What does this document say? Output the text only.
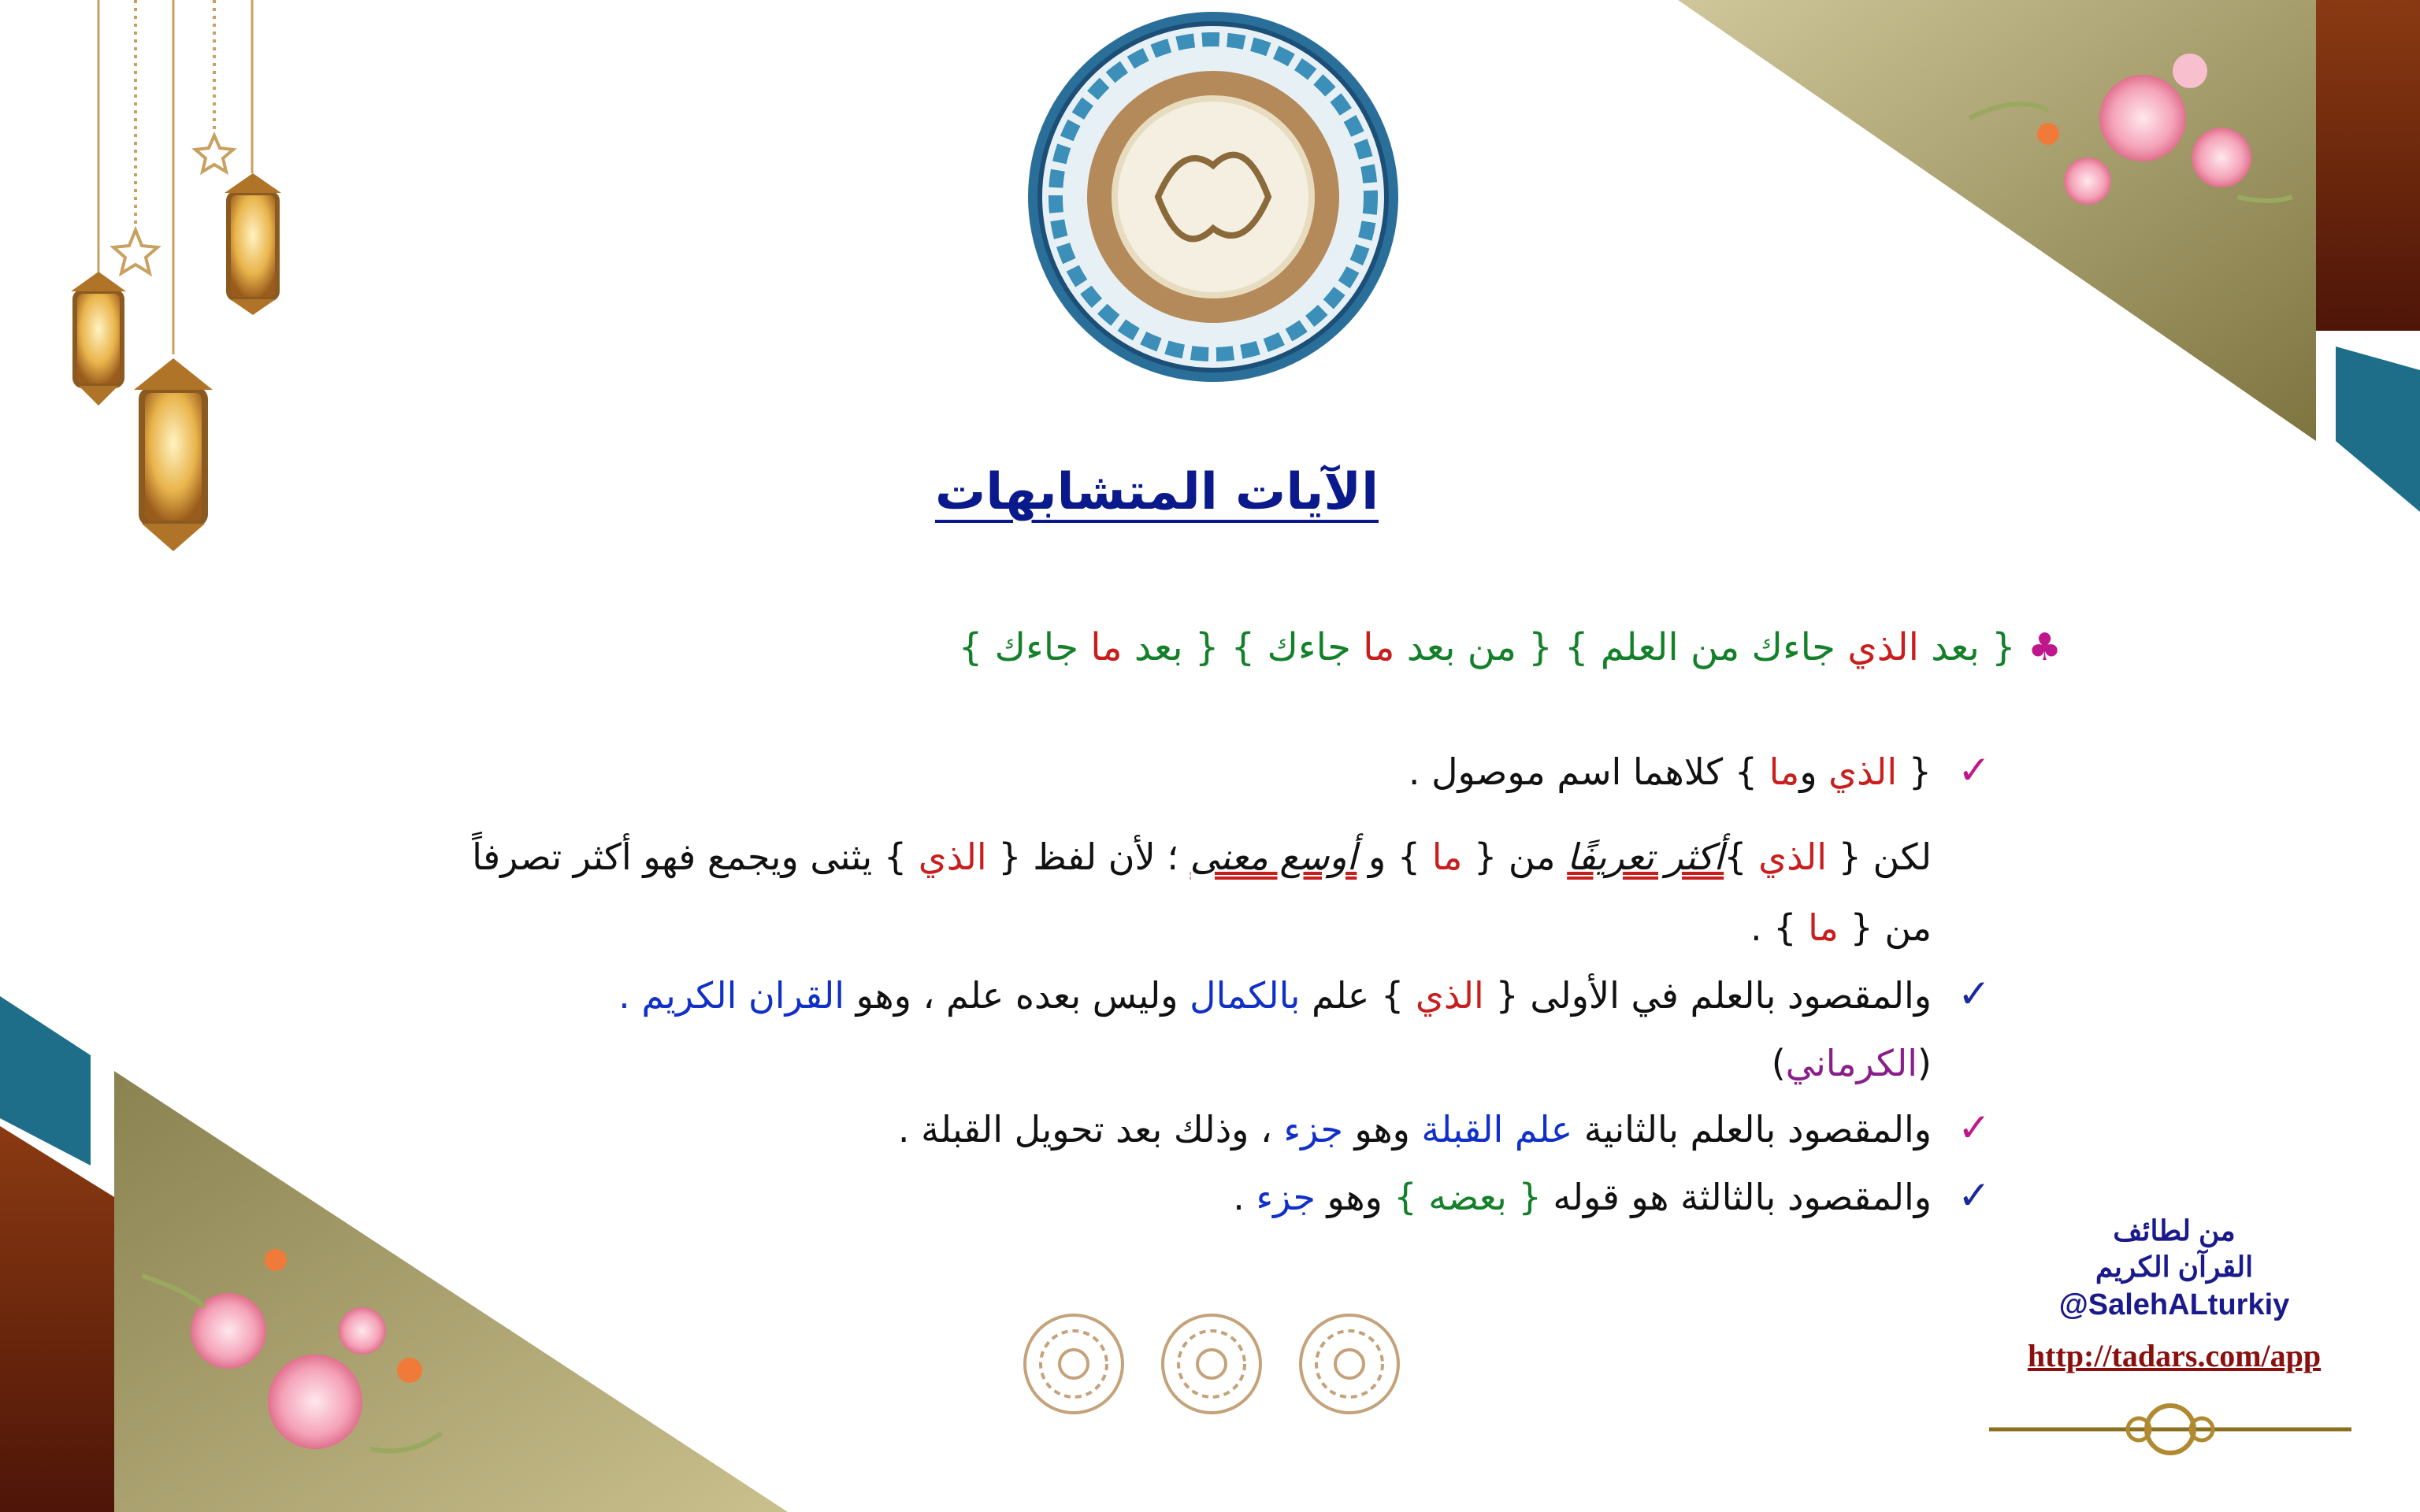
الآيات المتشابهات
♣ { بعد الذي جاءك من العلم } { من بعد ما جاءك } { بعد ما جاءك }
✓
✓
✓
✓
{ الذي وما } كلاهما اسم موصول .
لكن { الذي }أكثر تعريفًا من { ما } و أوسع معنى ؛ لأن لفظ { الذي } يثنى ويجمع فهو أكثر تصرفاً
من { ما } .
والمقصود بالعلم في الأولى { الذي } علم بالكمال وليس بعده علم ، وهو القران الكريم .
(الكرماني)
والمقصود بالعلم بالثانية علم القبلة وهو جزء ، وذلك بعد تحويل القبلة .
والمقصود بالثالثة هو قوله { بعضه } وهو جزء .
من لطائف
القرآن الكريم
@SalehALturkiy
http://tadars.com/app
